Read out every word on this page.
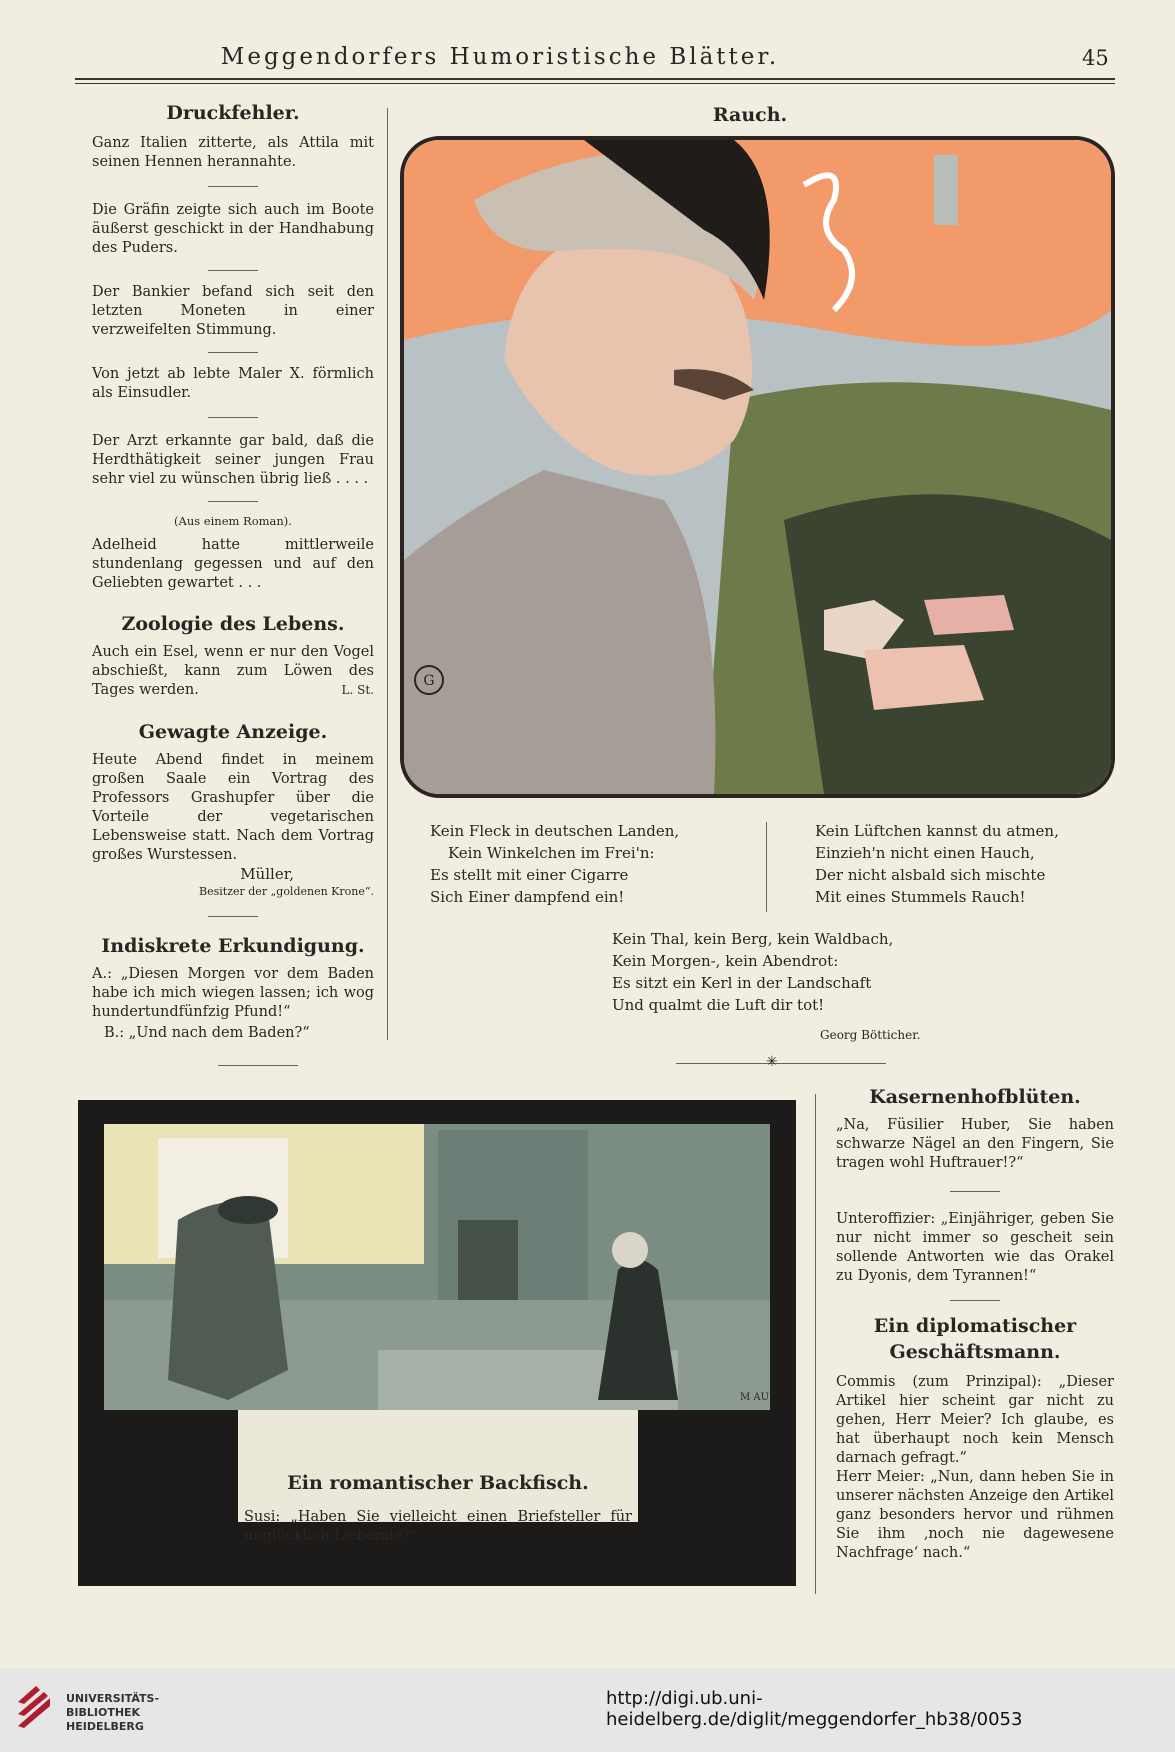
Meggendorfers Humoristische Blätter.	45
Druckfehler.

Ganz Italien zitterte, als Attila mit seinen Hennen herannahte.

Die Gräfin zeigte sich auch im Boote äußerst geschickt in der Handhabung des Puders.

Der Bankier befand sich seit den letzten Moneten in einer verzweifelten Stimmung.

Von jetzt ab lebte Maler X. förmlich als Einsudler.

Der Arzt erkannte gar bald, daß die Herdthätigkeit seiner jungen Frau sehr viel zu wünschen übrig ließ . . . .

(Aus einem Roman).

Adelheid hatte mittlerweile stundenlang gegessen und auf den Geliebten gewartet . . .

Zoologie des Lebens.

Auch ein Esel, wenn er nur den Vogel abschießt, kann zum Löwen des Tages werden.	L. St.
Gewagte Anzeige.

Heute Abend findet in meinem großen Saale ein Vortrag des Professors Grashupfer über die Vorteile der vegetarischen Lebensweise statt. Nach dem Vortrag großes Wurstessen.

Müller,
Besitzer der „goldenen Krone“.
Indiskrete Erkundigung.

A.: „Diesen Morgen vor dem Baden habe ich mich wiegen lassen; ich wog hundertundfünfzig Pfund!“

B.: „Und nach dem Baden?“

Rauch.
G
Kein Fleck in deutschen Landen,
Kein Winkelchen im Frei'n:
Es stellt mit einer Cigarre
Sich Einer dampfend ein!
Kein Lüftchen kannst du atmen,
Einzieh'n nicht einen Hauch,
Der nicht alsbald sich mischte
Mit eines Stummels Rauch!
Kein Thal, kein Berg, kein Waldbach,
Kein Morgen-, kein Abendrot:
Es sitzt ein Kerl in der Landschaft
Und qualmt die Luft dir tot!
Georg Bötticher.
✳
Ein romantischer Backfisch.

Susi: „Haben Sie vielleicht einen Briefsteller für unglücklich Liebende?“

M AU
Kasernenhofblüten.

„Na, Füsilier Huber, Sie haben schwarze Nägel an den Fingern, Sie tragen wohl Huftrauer!?“

Unteroffizier: „Einjähriger, geben Sie nur nicht immer so gescheit sein sollende Antworten wie das Orakel zu Dyonis, dem Tyrannen!“

Ein diplomatischer
Geschäftsmann.

Commis (zum Prinzipal): „Dieser Artikel hier scheint gar nicht zu gehen, Herr Meier? Ich glaube, es hat überhaupt noch kein Mensch darnach gefragt.“

Herr Meier: „Nun, dann heben Sie in unserer nächsten Anzeige den Artikel ganz besonders hervor und rühmen Sie ihm ‚noch nie dagewesene Nachfrage‘ nach.“

UNIVERSITÄTS-
BIBLIOTHEK
HEIDELBERG
http://digi.ub.uni-heidelberg.de/diglit/meggendorfer_hb38/0053
